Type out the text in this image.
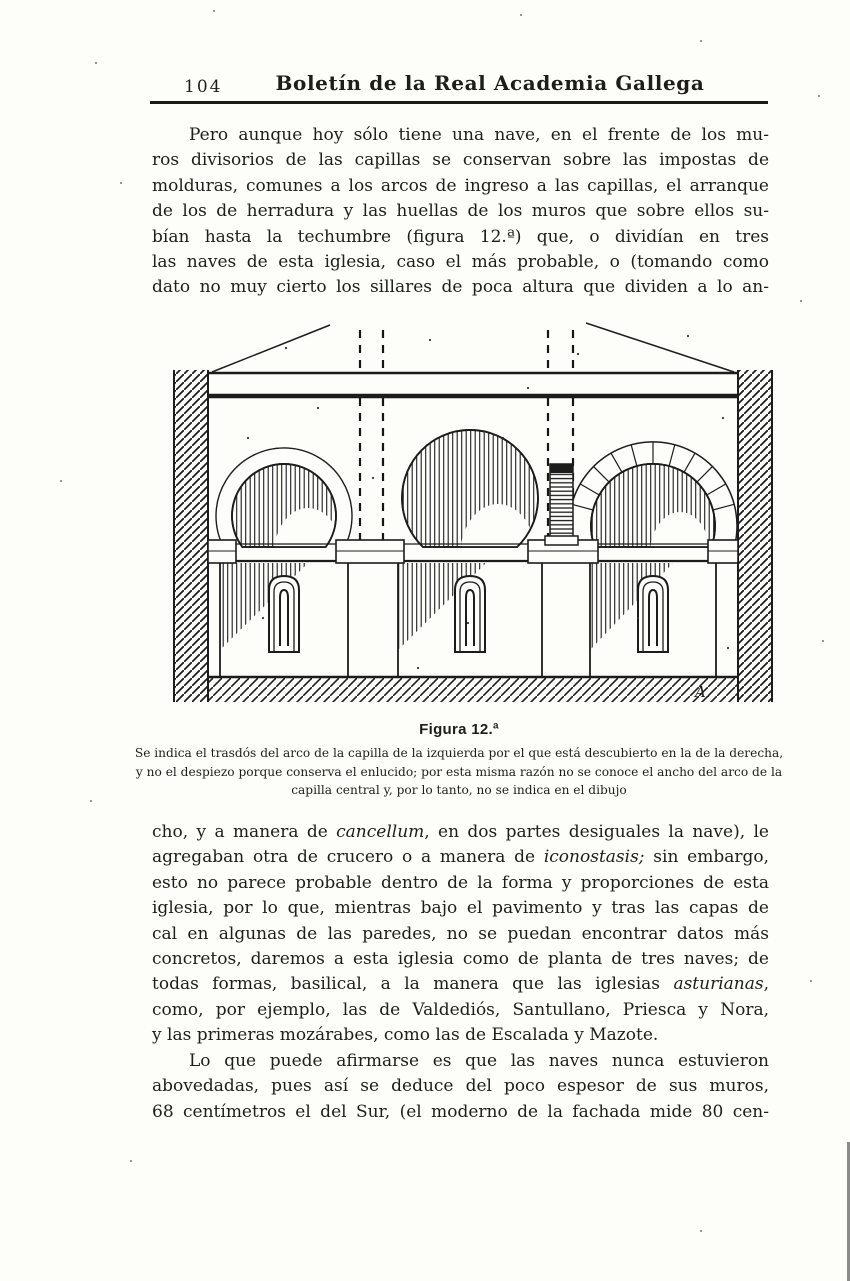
104	Boletín de la Real Academia Gallega
Pero aunque hoy sólo tiene una nave, en el frente de los mu-
ros divisorios de las capillas se conservan sobre las impostas de
molduras, comunes a los arcos de ingreso a las capillas, el arranque
de los de herradura y las huellas de los muros que sobre ellos su-
bían hasta la techumbre (figura 12.ª) que, o dividían en tres
las naves de esta iglesia, caso el más probable, o (tomando como
dato no muy cierto los sillares de poca altura que dividen a lo an-
A.
Figura 12.ª
Se indica el trasdós del arco de la capilla de la izquierda por el que está descubierto en la de la derecha,
y no el despiezo porque conserva el enlucido; por esta misma razón no se conoce el ancho del arco de la
capilla central y, por lo tanto, no se indica en el dibujo
cho, y a manera de cancellum, en dos partes desiguales la nave), le
agregaban otra de crucero o a manera de iconostasis; sin embargo,
esto no parece probable dentro de la forma y proporciones de esta
iglesia, por lo que, mientras bajo el pavimento y tras las capas de
cal en algunas de las paredes, no se puedan encontrar datos más
concretos, daremos a esta iglesia como de planta de tres naves; de
todas formas, basilical, a la manera que las iglesias asturianas,
como, por ejemplo, las de Valdediós, Santullano, Priesca y Nora,
y las primeras mozárabes, como las de Escalada y Mazote.
Lo que puede afirmarse es que las naves nunca estuvieron
abovedadas, pues así se deduce del poco espesor de sus muros,
68 centímetros el del Sur, (el moderno de la fachada mide 80 cen-
